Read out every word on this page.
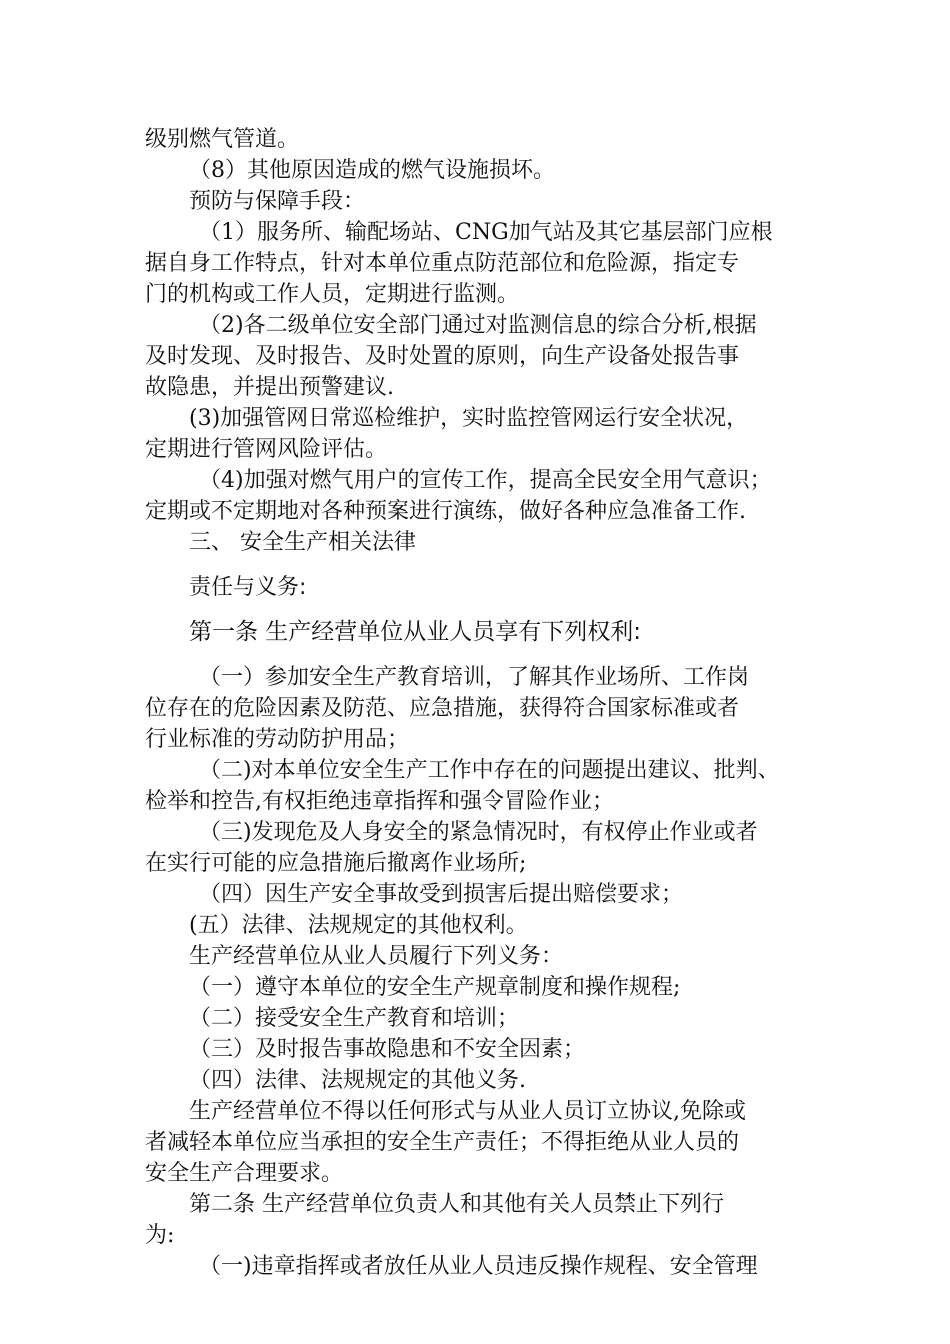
级别燃气管道。

（8）其他原因造成的燃气设施损坏。

预防与保障手段：

（1）服务所、输配场站、CNG加气站及其它基层部门应根

据自身工作特点，针对本单位重点防范部位和危险源，指定专

门的机构或工作人员，定期进行监测。

（2)各二级单位安全部门通过对监测信息的综合分析,根据

及时发现、及时报告、及时处置的原则，向生产设备处报告事

故隐患，并提出预警建议.

(3)加强管网日常巡检维护，实时监控管网运行安全状况，

定期进行管网风险评估。

（4)加强对燃气用户的宣传工作，提高全民安全用气意识；

定期或不定期地对各种预案进行演练，做好各种应急准备工作.

三、 安全生产相关法律

责任与义务:

第一条 生产经营单位从业人员享有下列权利:

（一）参加安全生产教育培训，了解其作业场所、工作岗

位存在的危险因素及防范、应急措施，获得符合国家标准或者

行业标准的劳动防护用品；

（二)对本单位安全生产工作中存在的问题提出建议、批判、

检举和控告,有权拒绝违章指挥和强令冒险作业；

（三)发现危及人身安全的紧急情况时，有权停止作业或者

在实行可能的应急措施后撤离作业场所;

（四）因生产安全事故受到损害后提出赔偿要求；

(五）法律、法规规定的其他权利。

生产经营单位从业人员履行下列义务：

（一）遵守本单位的安全生产规章制度和操作规程;

（二）接受安全生产教育和培训；

（三）及时报告事故隐患和不安全因素；

（四）法律、法规规定的其他义务.

生产经营单位不得以任何形式与从业人员订立协议,免除或

者减轻本单位应当承担的安全生产责任；不得拒绝从业人员的

安全生产合理要求。

第二条 生产经营单位负责人和其他有关人员禁止下列行

为:

（一)违章指挥或者放任从业人员违反操作规程、安全管理
